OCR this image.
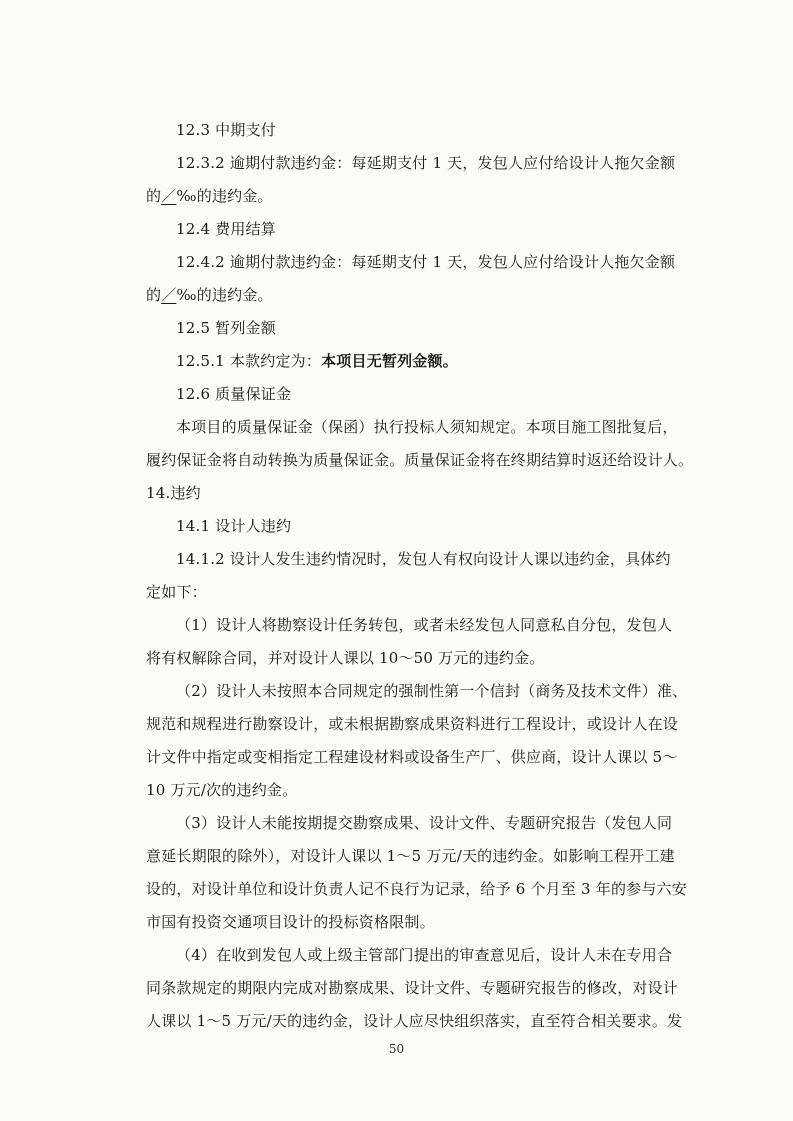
12.3 中期支付
12.3.2 逾期付款违约金：每延期支付 1 天，发包人应付给设计人拖欠金额
的／‰的违约金。
12.4 费用结算
12.4.2 逾期付款违约金：每延期支付 1 天，发包人应付给设计人拖欠金额
的／‰的违约金。
12.5 暂列金额
12.5.1 本款约定为：本项目无暂列金额。
12.6 质量保证金
本项目的质量保证金（保函）执行投标人须知规定。本项目施工图批复后，
履约保证金将自动转换为质量保证金。质量保证金将在终期结算时返还给设计人。
14.违约
14.1 设计人违约
14.1.2 设计人发生违约情况时，发包人有权向设计人课以违约金，具体约
定如下：
（1）设计人将勘察设计任务转包，或者未经发包人同意私自分包，发包人
将有权解除合同，并对设计人课以 10～50 万元的违约金。
（2）设计人未按照本合同规定的强制性第一个信封（商务及技术文件）准、
规范和规程进行勘察设计，或未根据勘察成果资料进行工程设计，或设计人在设
计文件中指定或变相指定工程建设材料或设备生产厂、供应商，设计人课以 5～
10 万元/次的违约金。
（3）设计人未能按期提交勘察成果、设计文件、专题研究报告（发包人同
意延长期限的除外），对设计人课以 1～5 万元/天的违约金。如影响工程开工建
设的，对设计单位和设计负责人记不良行为记录，给予 6 个月至 3 年的参与六安
市国有投资交通项目设计的投标资格限制。
（4）在收到发包人或上级主管部门提出的审查意见后，设计人未在专用合
同条款规定的期限内完成对勘察成果、设计文件、专题研究报告的修改，对设计
人课以 1～5 万元/天的违约金，设计人应尽快组织落实，直至符合相关要求。发
50
